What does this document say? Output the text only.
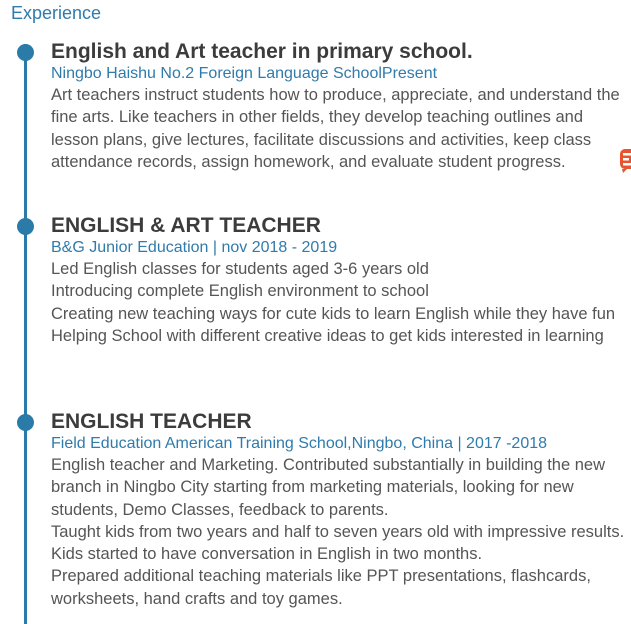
Experience
English and Art teacher in primary school.
Ningbo Haishu No.2 Foreign Language SchoolPresent

Art teachers instruct students how to produce, appreciate, and understand the fine arts. Like teachers in other fields, they develop teaching outlines and lesson plans, give lectures, facilitate discussions and activities, keep class attendance records, assign homework, and evaluate student progress.

ENGLISH & ART TEACHER
B&G Junior Education | nov 2018 - 2019

Led English classes for students aged 3-6 years old

Introducing complete English environment to school

Creating new teaching ways for cute kids to learn English while they have fun

Helping School with different creative ideas to get kids interested in learning

ENGLISH TEACHER
Field Education American Training School,Ningbo, China | 2017 -2018

English teacher and Marketing. Contributed substantially in building the new branch in Ningbo City starting from marketing materials, looking for new students, Demo Classes, feedback to parents.

Taught kids from two years and half to seven years old with impressive results. Kids started to have conversation in English in two months.

Prepared additional teaching materials like PPT presentations, flashcards, worksheets, hand crafts and toy games.
